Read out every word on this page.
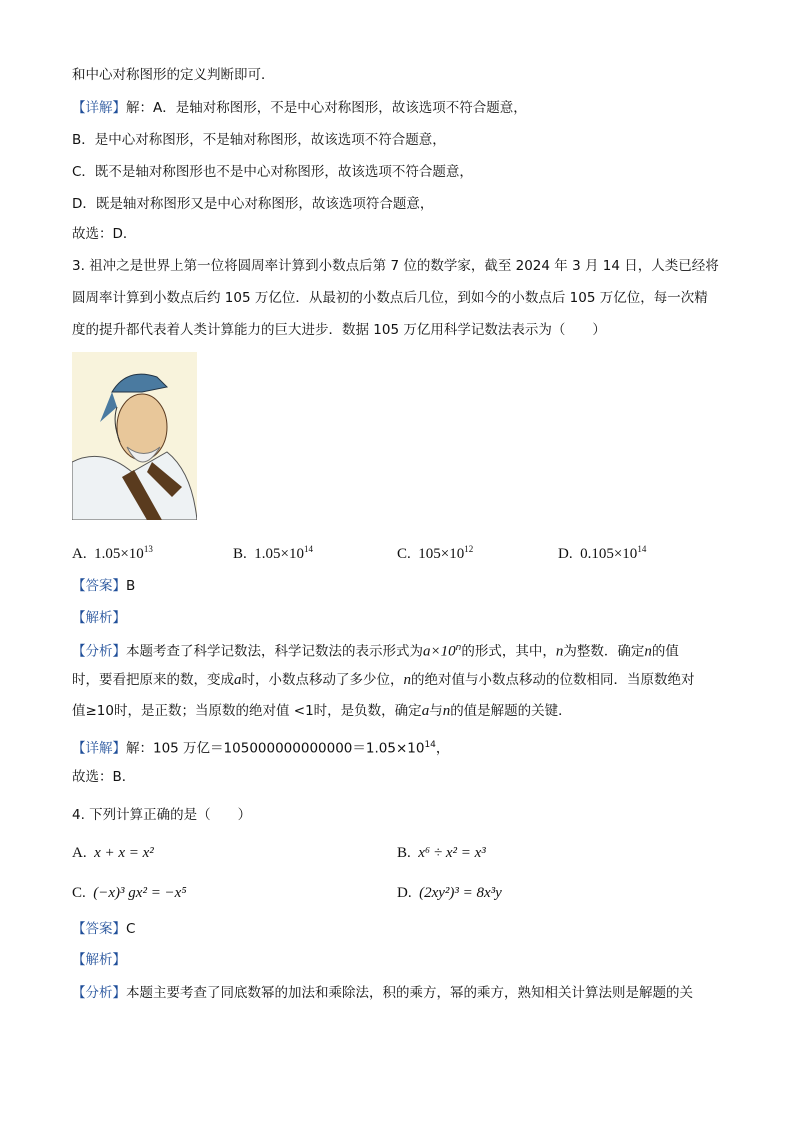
和中心对称图形的定义判断即可．
【详解】解：A．是轴对称图形，不是中心对称图形，故该选项不符合题意，
B．是中心对称图形，不是轴对称图形，故该选项不符合题意，
C．既不是轴对称图形也不是中心对称图形，故该选项不符合题意，
D．既是轴对称图形又是中心对称图形，故该选项符合题意，
故选：D．
3. 祖冲之是世界上第一位将圆周率计算到小数点后第 7 位的数学家，截至 2024 年 3 月 14 日，人类已经将
圆周率计算到小数点后约 105 万亿位．从最初的小数点后几位，到如今的小数点后 105 万亿位，每一次精
度的提升都代表着人类计算能力的巨大进步．数据 105 万亿用科学记数法表示为（　　）
A. $1.05\times 10^{13}$	B. $1.05\times 10^{14}$	C. $105\times 10^{12}$	D. $0.105\times 10^{14}$
【答案】B
【解析】
【分析】本题考查了科学记数法，科学记数法的表示形式为$a\times 10^n$的形式，其中，n为整数．确定n的值
时，要看把原来的数，变成a时，小数点移动了多少位，n的绝对值与小数点移动的位数相同．当原数绝对
值≥10时，是正数；当原数的绝对值 <1时，是负数，确定a与n的值是解题的关键．
【详解】解：105 万亿$=105000000000000=1.05\times 10^{14}$，
故选：B．
4. 下列计算正确的是（　　）
A. x + x = x²	B. x⁶ ÷ x² = x³
C. (−x)³ gx² = −x⁵	D. (2xy²)³ = 8x³y
【答案】C
【解析】
【分析】本题主要考查了同底数幂的加法和乘除法，积的乘方，幂的乘方，熟知相关计算法则是解题的关
